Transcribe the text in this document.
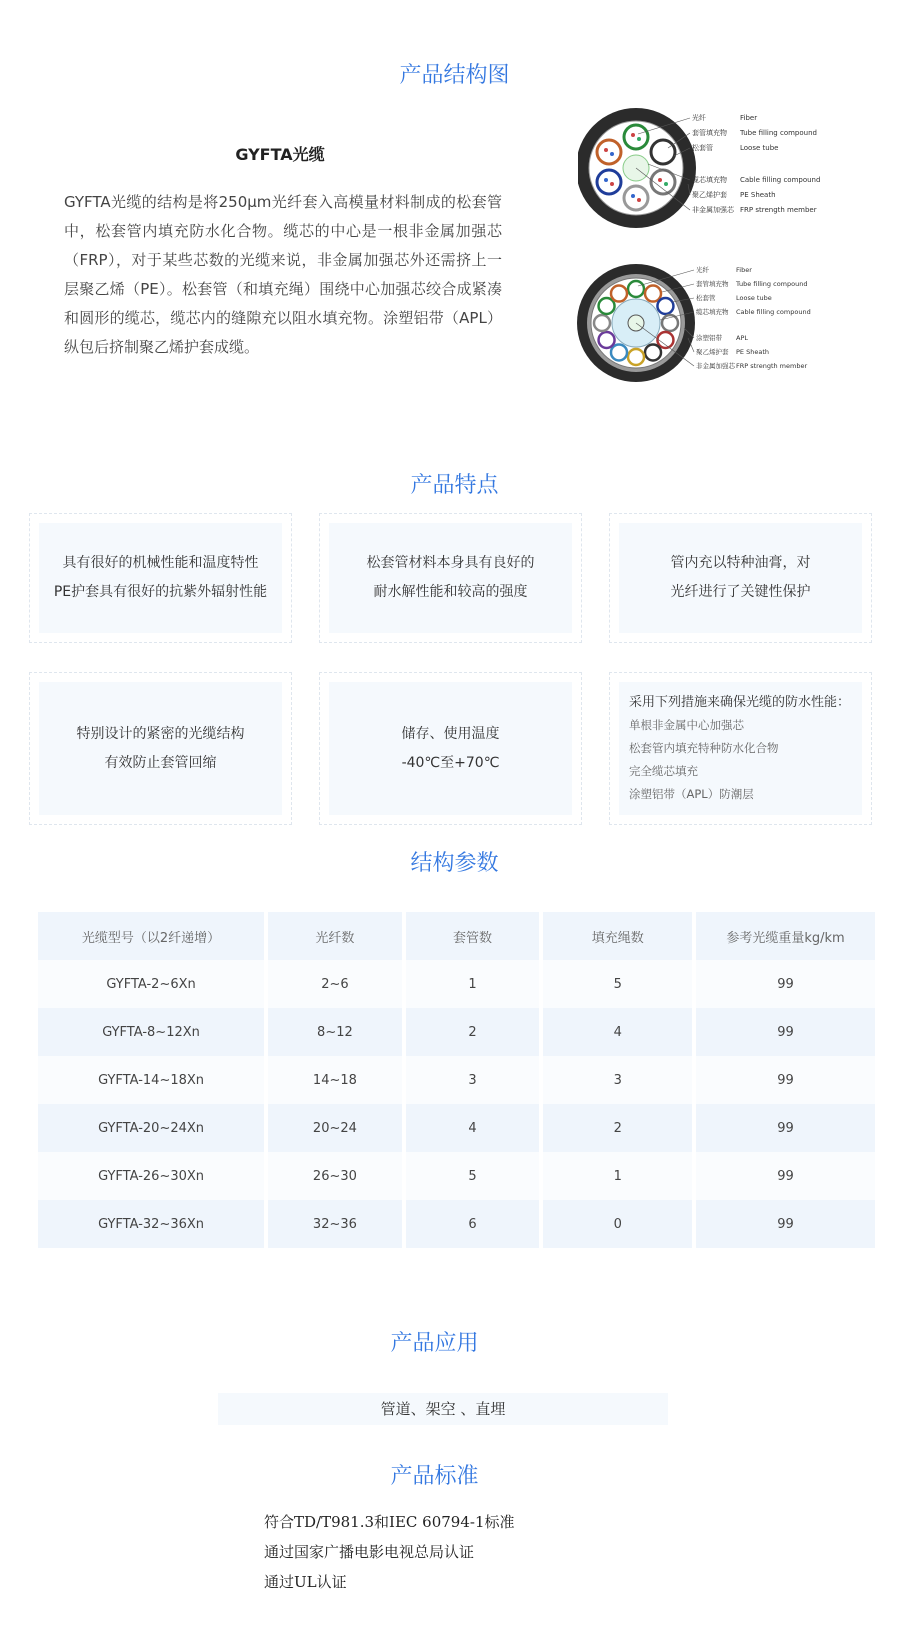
产品结构图
GYFTA光缆

GYFTA光缆的结构是将250μm光纤套入高模量材料制成的松套管中，松套管内填充防水化合物。缆芯的中心是一根非金属加强芯（FRP），对于某些芯数的光缆来说，非金属加强芯外还需挤上一层聚乙烯（PE）。松套管（和填充绳）围绕中心加强芯绞合成紧凑和圆形的缆芯，缆芯内的缝隙充以阻水填充物。涂塑铝带（APL）纵包后挤制聚乙烯护套成缆。

光纤	Fiber
套管填充物 Tube filling compound
松套管	Loose tube
缆芯填充物 Cable filling compound
聚乙烯护套 PE Sheath
非金属加强芯 FRP strength member
光纤	Fiber
套管填充物 Tube filling compound
松套管	Loose tube
缆芯填充物 Cable filling compound
涂塑铝带 APL
聚乙烯护套 PE Sheath
非金属加强芯 FRP strength member
产品特点
具有很好的机械性能和温度特性
PE护套具有很好的抗紫外辐射性能
松套管材料本身具有良好的
耐水解性能和较高的强度
管内充以特种油膏，对
光纤进行了关键性保护
特别设计的紧密的光缆结构
有效防止套管回缩
储存、使用温度
-40℃至+70℃
采用下列措施来确保光缆的防水性能：
单根非金属中心加强芯
松套管内填充特种防水化合物
完全缆芯填充
涂塑铝带（APL）防潮层
结构参数
光缆型号（以2纤递增）	光纤数	套管数	填充绳数	参考光缆重量kg/km
GYFTA-2~6Xn	2~6	1	5	99
GYFTA-8~12Xn	8~12	2	4	99
GYFTA-14~18Xn	14~18	3	3	99
GYFTA-20~24Xn	20~24	4	2	99
GYFTA-26~30Xn	26~30	5	1	99
GYFTA-32~36Xn	32~36	6	0	99
产品应用
管道、架空 、直埋
产品标准
符合TD/T981.3和IEC 60794-1标准
通过国家广播电影电视总局认证
通过UL认证
